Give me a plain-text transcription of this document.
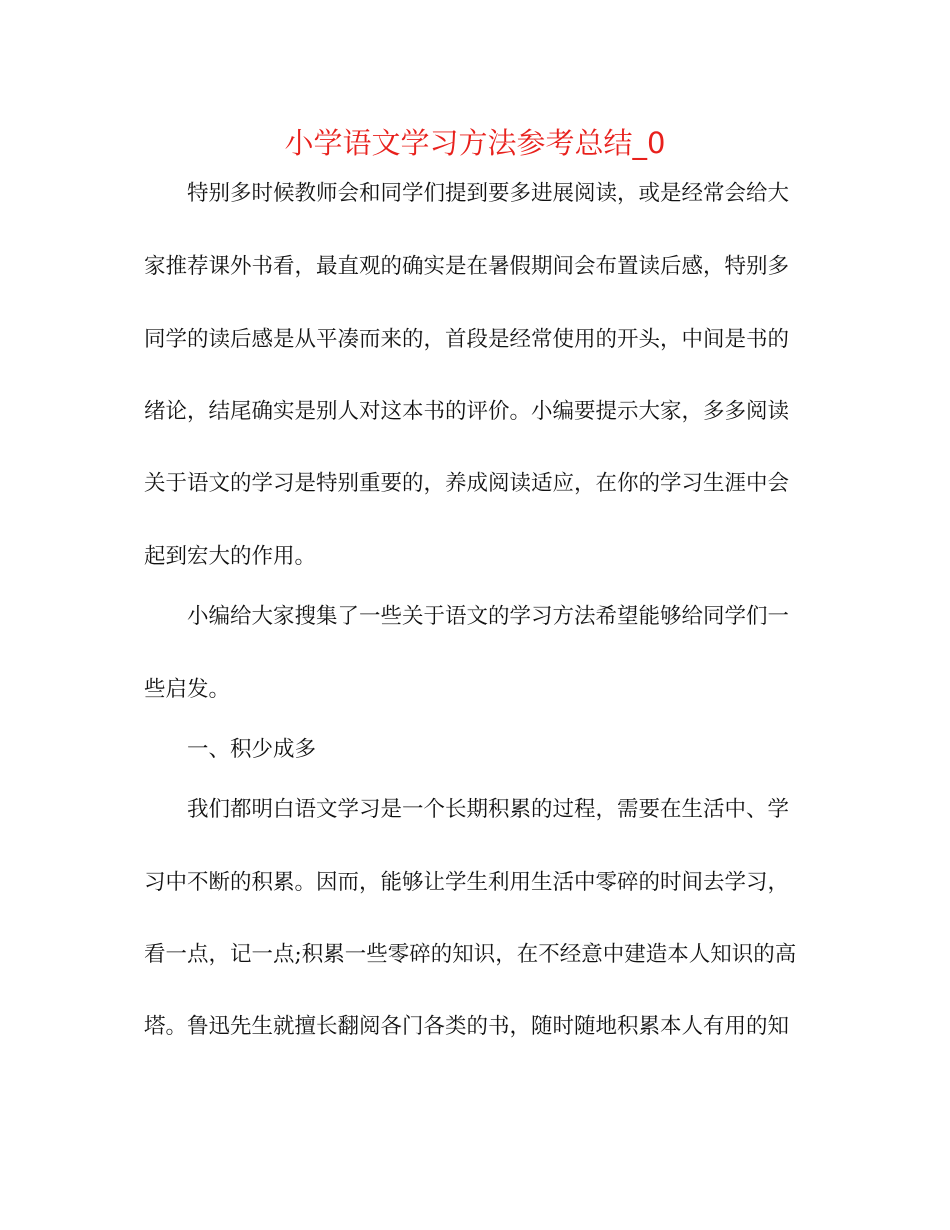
小学语文学习方法参考总结_0

特别多时候教师会和同学们提到要多进展阅读，或是经常会给大

家推荐课外书看，最直观的确实是在暑假期间会布置读后感，特别多

同学的读后感是从平凑而来的，首段是经常使用的开头，中间是书的

绪论，结尾确实是别人对这本书的评价。小编要提示大家，多多阅读

关于语文的学习是特别重要的，养成阅读适应，在你的学习生涯中会

起到宏大的作用。

小编给大家搜集了一些关于语文的学习方法希望能够给同学们一

些启发。

一、积少成多

我们都明白语文学习是一个长期积累的过程，需要在生活中、学

习中不断的积累。因而，能够让学生利用生活中零碎的时间去学习，

看一点，记一点;积累一些零碎的知识，在不经意中建造本人知识的高

塔。鲁迅先生就擅长翻阅各门各类的书，随时随地积累本人有用的知
